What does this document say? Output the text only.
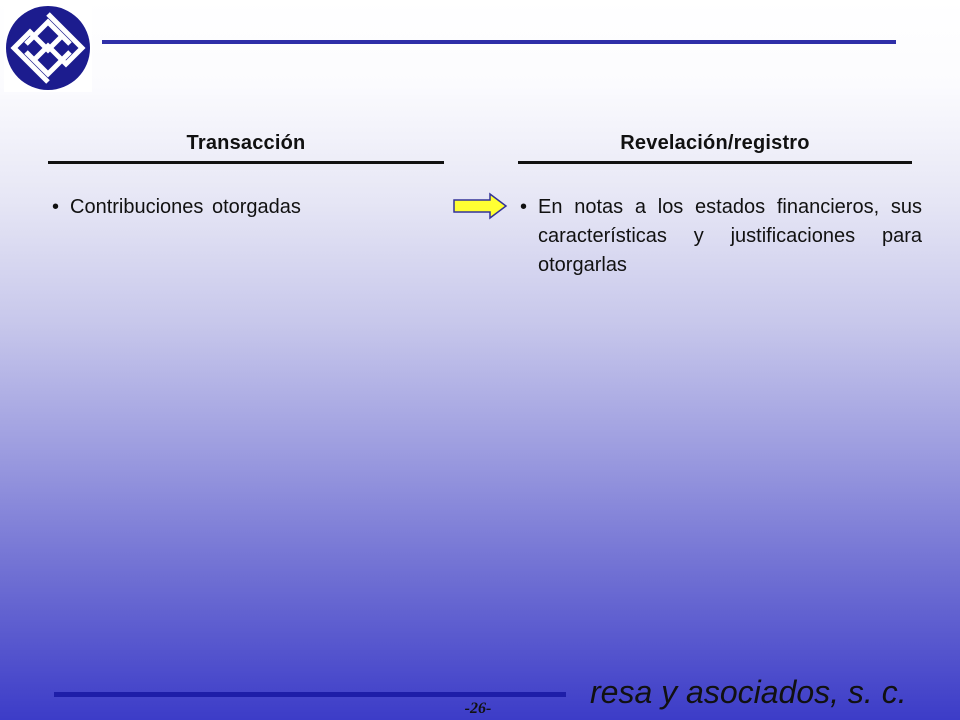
Transacción	Revelación/registro
• Contribuciones otorgadas	• En notas a los estados financieros, sus características y justificaciones para otorgarlas
-26-	resa y asociados, s. c.
